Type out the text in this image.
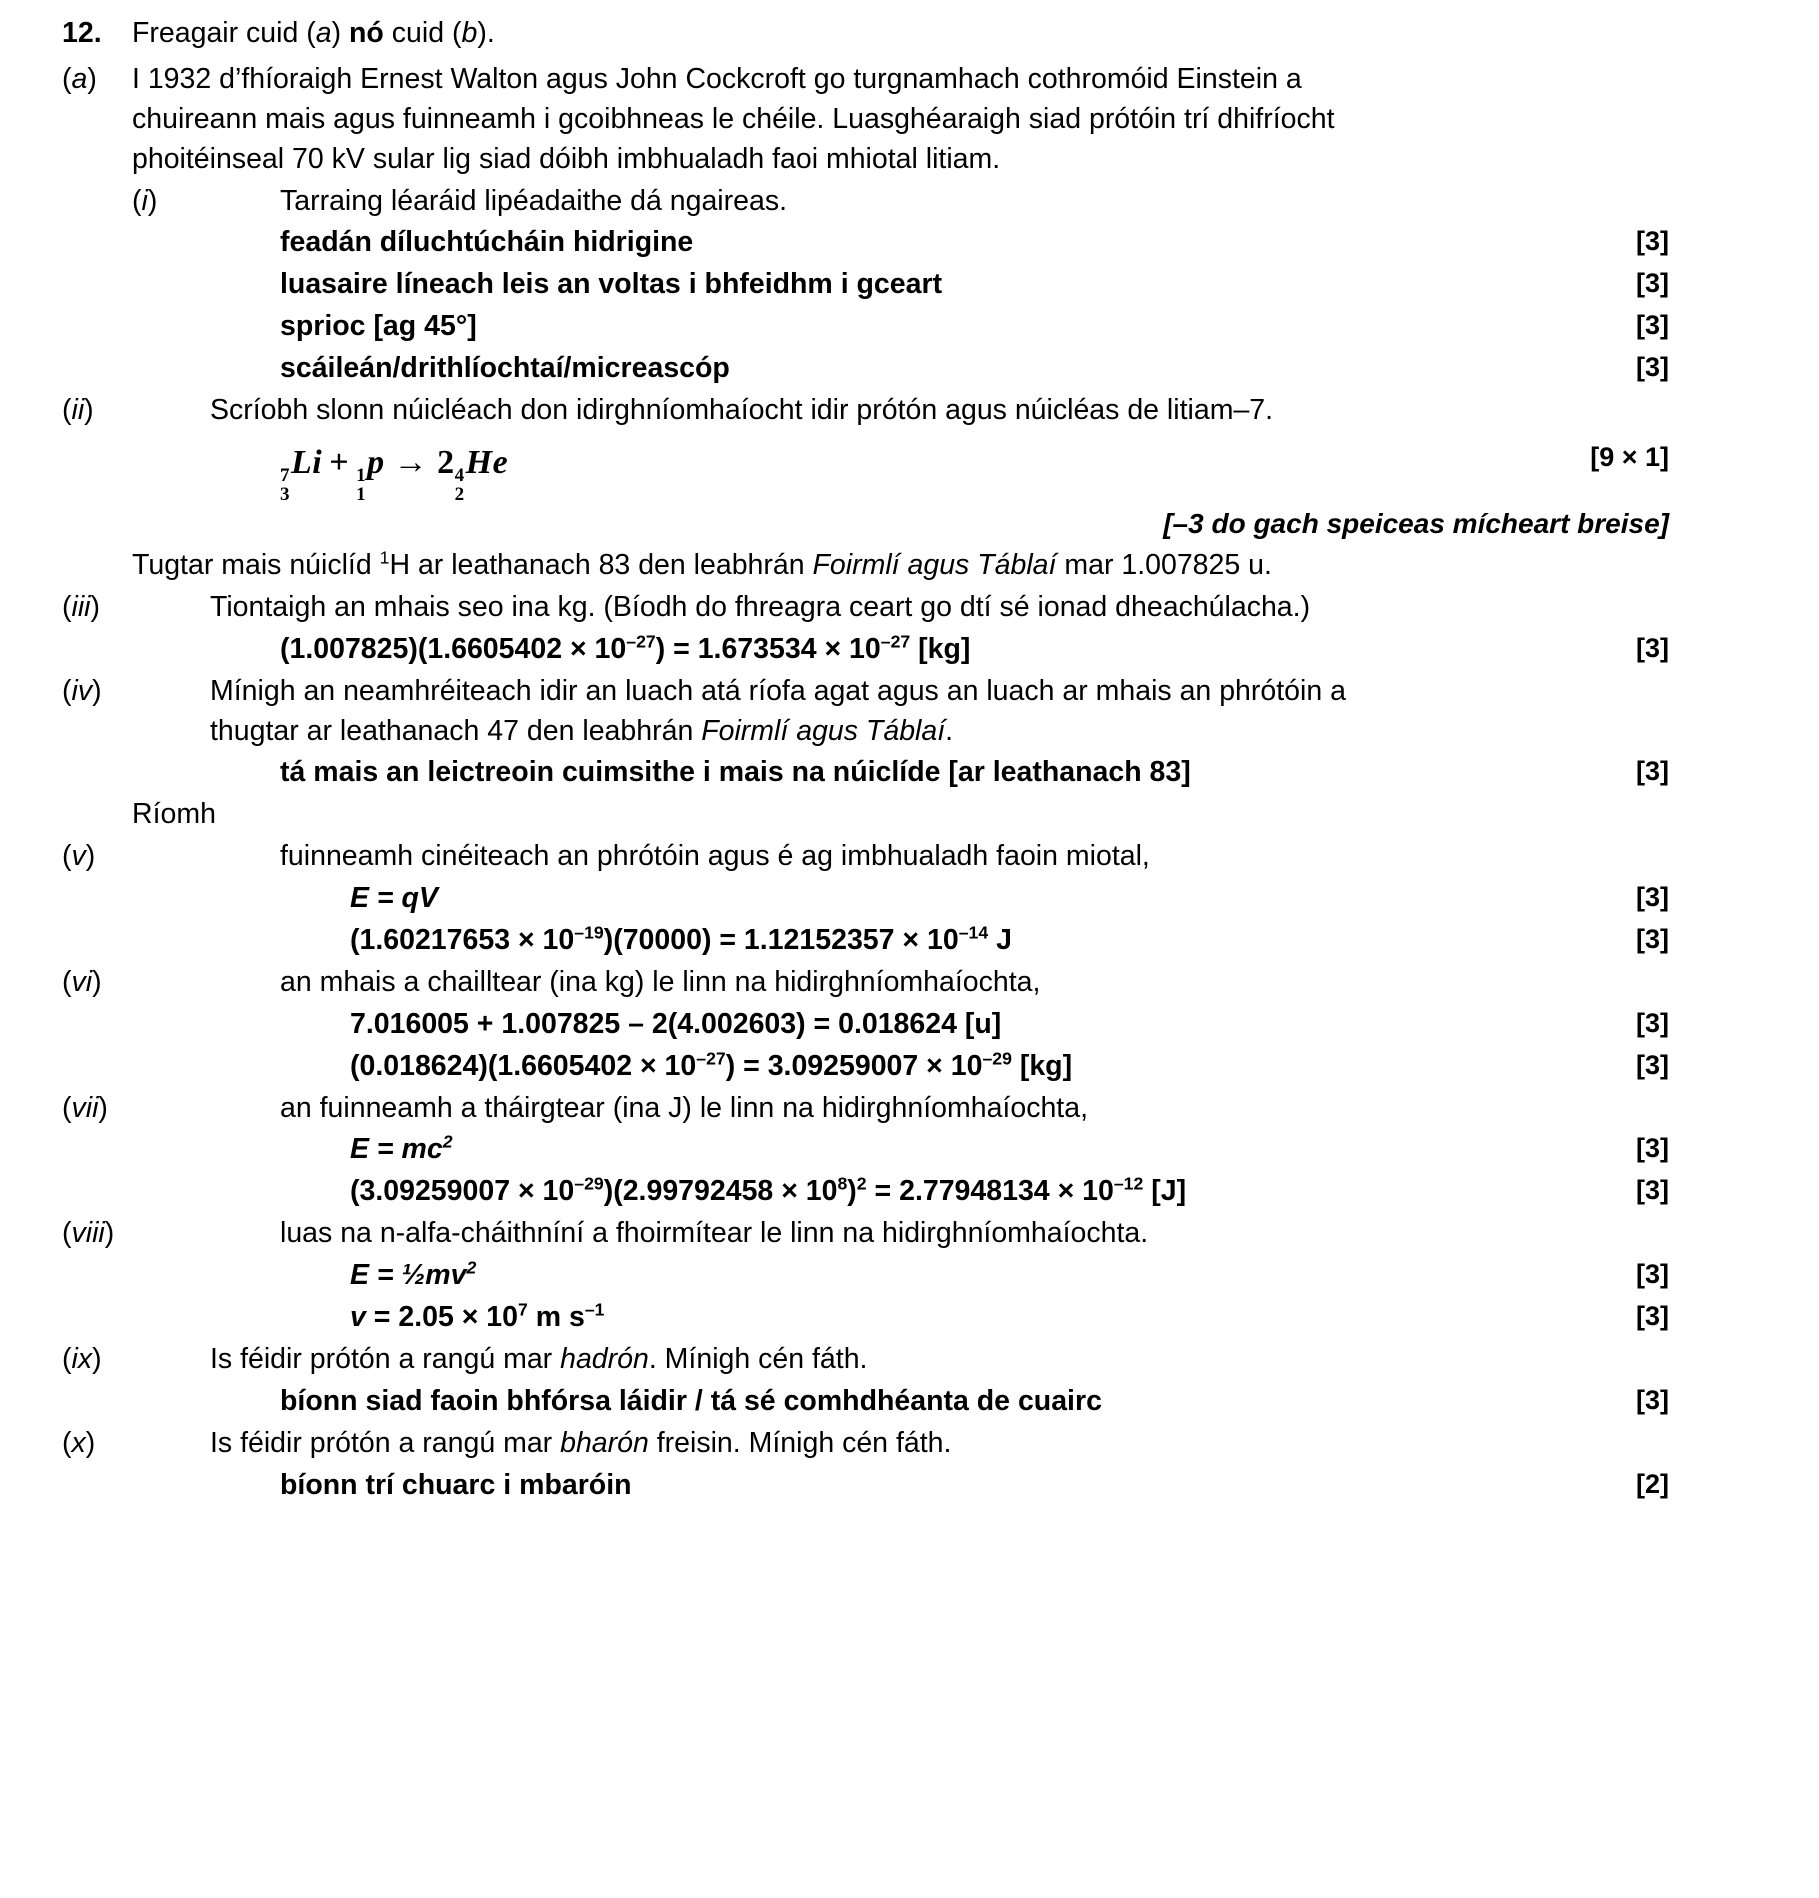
12.	Freagair cuid (a) nó cuid (b).
(a)	I 1932 d’fhíoraigh Ernest Walton agus John Cockcroft go turgnamhach cothromóid Einstein a
chuireann mais agus fuinneamh i gcoibhneas le chéile. Luasghéaraigh siad prótóin trí dhifríocht
phoitéinseal 70 kV sular lig siad dóibh imbhualadh faoi mhiotal litiam.
(i)	Tarraing léaráid lipéadaithe dá ngaireas.
feadán díluchtúcháin hidrigine	[3]
luasaire líneach leis an voltas i bhfeidhm i gceart	[3]
sprioc [ag 45°]	[3]
scáileán/drithlíochtaí/micreascóp	[3]
(ii)	Scríobh slonn núicléach don idirghníomhaíocht idir prótón agus núicléas de litiam–7.
7
3
Li + 1
1
p → 2 4
2
He	[9 × 1]
[–3 do gach speiceas mícheart breise]
Tugtar mais núiclíd $^1$H ar leathanach 83 den leabhrán Foirmlí agus Táblaí mar 1.007825 u.
(iii)	Tiontaigh an mhais seo ina kg. (Bíodh do fhreagra ceart go dtí sé ionad dheachúlacha.)
$(1.007825)(1.6605402 \times 10^{-27}) = 1.673534 \times 10^{-27}$ [kg]	[3]
(iv)	Mínigh an neamhréiteach idir an luach atá ríofa agat agus an luach ar mhais an phrótóin a
thugtar ar leathanach 47 den leabhrán Foirmlí agus Táblaí.
tá mais an leictreoin cuimsithe i mais na núiclíde [ar leathanach 83]	[3]
Ríomh
(v)	fuinneamh cinéiteach an phrótóin agus é ag imbhualadh faoin miotal,
E = qV	[3]
$(1.60217653 \times 10^{-19})(70000) = 1.12152357 \times 10^{-14}$ J	[3]
(vi)	an mhais a chailltear (ina kg) le linn na hidirghníomhaíochta,
7.016005 + 1.007825 – 2(4.002603) = 0.018624 [u]	[3]
$(0.018624)(1.6605402 \times 10^{-27}) = 3.09259007 \times 10^{-29}$ [kg]	[3]
(vii)	an fuinneamh a tháirgtear (ina J) le linn na hidirghníomhaíochta,
$E = mc^2$	[3]
$(3.09259007 \times 10^{-29})(2.99792458 \times 10^8)^2 = 2.77948134 \times 10^{-12}$ [J]	[3]
(viii)	luas na n-alfa-cháithníní a fhoirmítear le linn na hidirghníomhaíochta.
$E = \frac{1}{2}mv^2$	[3]
$v = 2.05 \times 10^7$ m $s^{-1}$	[3]
(ix)	Is féidir prótón a rangú mar hadrón. Mínigh cén fáth.
bíonn siad faoin bhfórsa láidir / tá sé comhdhéanta de cuairc	[3]
(x)	Is féidir prótón a rangú mar bharón freisin. Mínigh cén fáth.
bíonn trí chuarc i mbaróin	[2]
